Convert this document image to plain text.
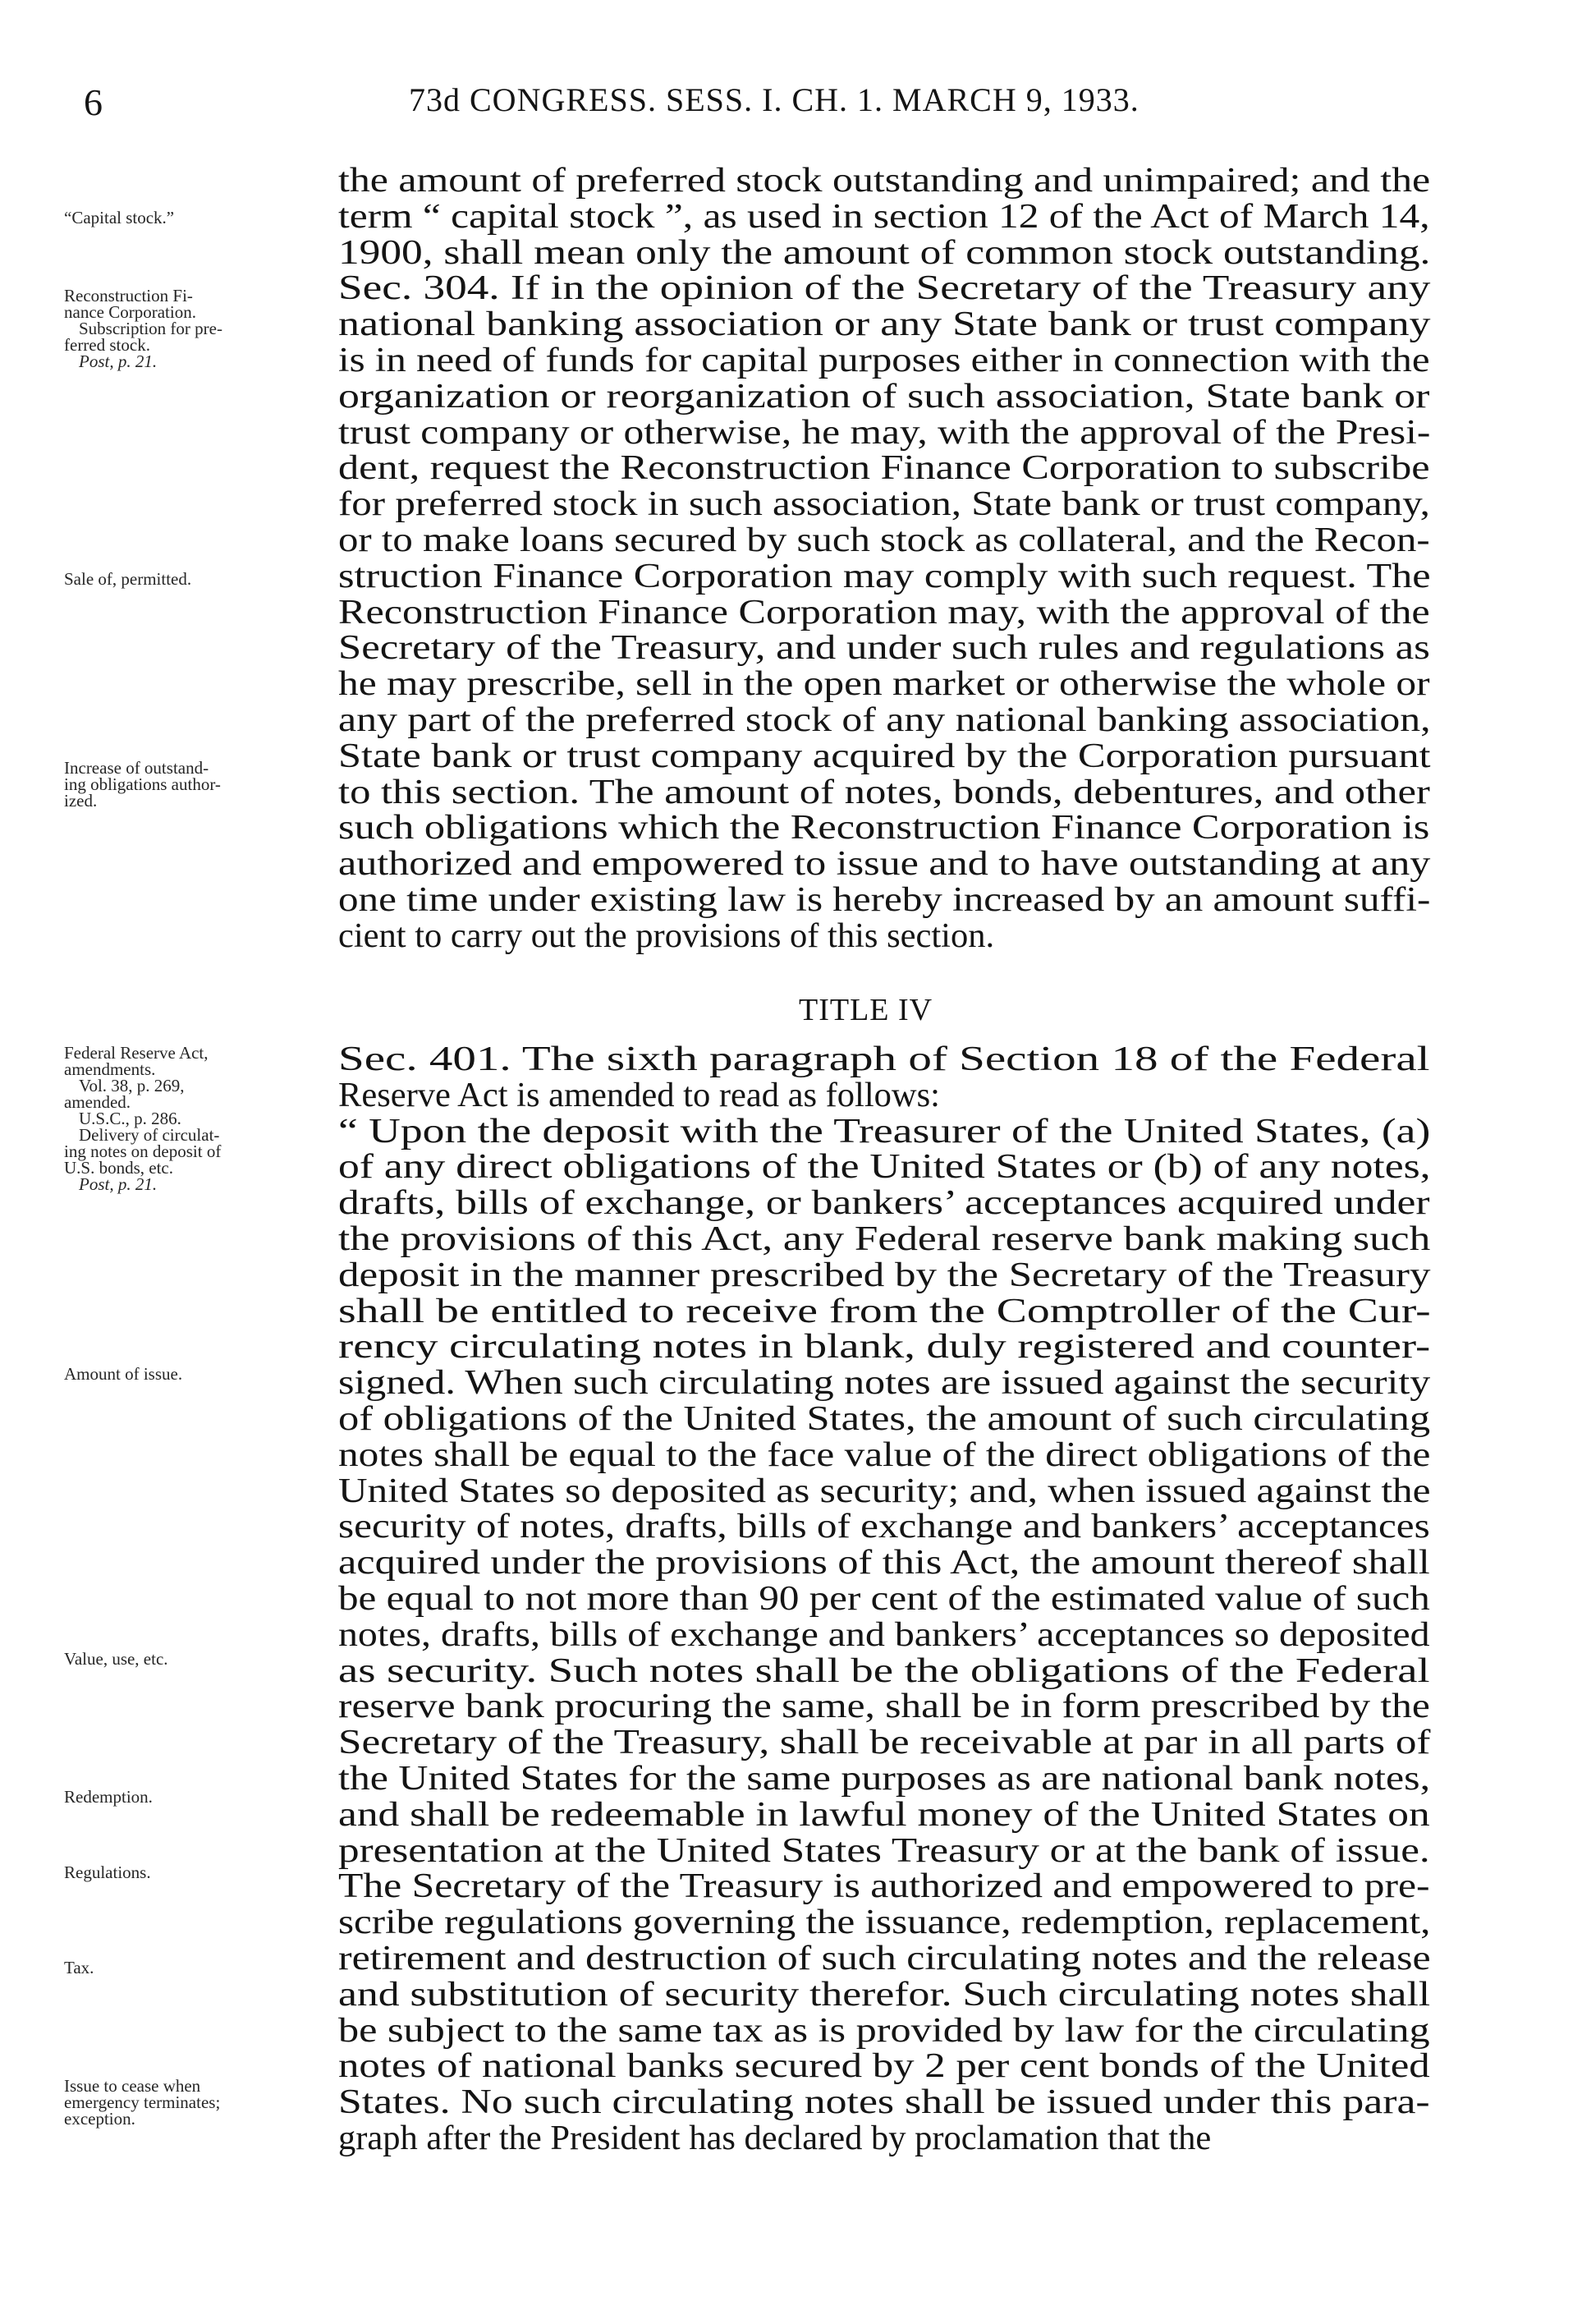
6	73d CONGRESS. SESS. I. CH. 1. MARCH 9, 1933.
“Capital stock.”
Reconstruction Fi-
nance Corporation.
Subscription for pre-
ferred stock.
Post, p. 21.
Sale of, permitted.
Increase of outstand-
ing obligations author-
ized.
Federal Reserve Act,
amendments.
Vol. 38, p. 269,
amended.
U.S.C., p. 286.
Delivery of circulat-
ing notes on deposit of
U.S. bonds, etc.
Post, p. 21.
Amount of issue.
Value, use, etc.
Redemption.
Regulations.
Tax.
Issue to cease when
emergency terminates;
exception.
the amount of preferred stock outstanding and unimpaired; and the
term “ capital stock ”, as used in section 12 of the Act of March 14,
1900, shall mean only the amount of common stock outstanding.
Sec. 304. If in the opinion of the Secretary of the Treasury any
national banking association or any State bank or trust company
is in need of funds for capital purposes either in connection with the
organization or reorganization of such association, State bank or
trust company or otherwise, he may, with the approval of the Presi-
dent, request the Reconstruction Finance Corporation to subscribe
for preferred stock in such association, State bank or trust company,
or to make loans secured by such stock as collateral, and the Recon-
struction Finance Corporation may comply with such request. The
Reconstruction Finance Corporation may, with the approval of the
Secretary of the Treasury, and under such rules and regulations as
he may prescribe, sell in the open market or otherwise the whole or
any part of the preferred stock of any national banking association,
State bank or trust company acquired by the Corporation pursuant
to this section. The amount of notes, bonds, debentures, and other
such obligations which the Reconstruction Finance Corporation is
authorized and empowered to issue and to have outstanding at any
one time under existing law is hereby increased by an amount suffi-
cient to carry out the provisions of this section.
Sec. 401. The sixth paragraph of Section 18 of the Federal
Reserve Act is amended to read as follows:
“ Upon the deposit with the Treasurer of the United States, (a)
of any direct obligations of the United States or (b) of any notes,
drafts, bills of exchange, or bankers’ acceptances acquired under
the provisions of this Act, any Federal reserve bank making such
deposit in the manner prescribed by the Secretary of the Treasury
shall be entitled to receive from the Comptroller of the Cur-
rency circulating notes in blank, duly registered and counter-
signed. When such circulating notes are issued against the security
of obligations of the United States, the amount of such circulating
notes shall be equal to the face value of the direct obligations of the
United States so deposited as security; and, when issued against the
security of notes, drafts, bills of exchange and bankers’ acceptances
acquired under the provisions of this Act, the amount thereof shall
be equal to not more than 90 per cent of the estimated value of such
notes, drafts, bills of exchange and bankers’ acceptances so deposited
as security. Such notes shall be the obligations of the Federal
reserve bank procuring the same, shall be in form prescribed by the
Secretary of the Treasury, shall be receivable at par in all parts of
the United States for the same purposes as are national bank notes,
and shall be redeemable in lawful money of the United States on
presentation at the United States Treasury or at the bank of issue.
The Secretary of the Treasury is authorized and empowered to pre-
scribe regulations governing the issuance, redemption, replacement,
retirement and destruction of such circulating notes and the release
and substitution of security therefor. Such circulating notes shall
be subject to the same tax as is provided by law for the circulating
notes of national banks secured by 2 per cent bonds of the United
States. No such circulating notes shall be issued under this para-
graph after the President has declared by proclamation that the
TITLE IV
